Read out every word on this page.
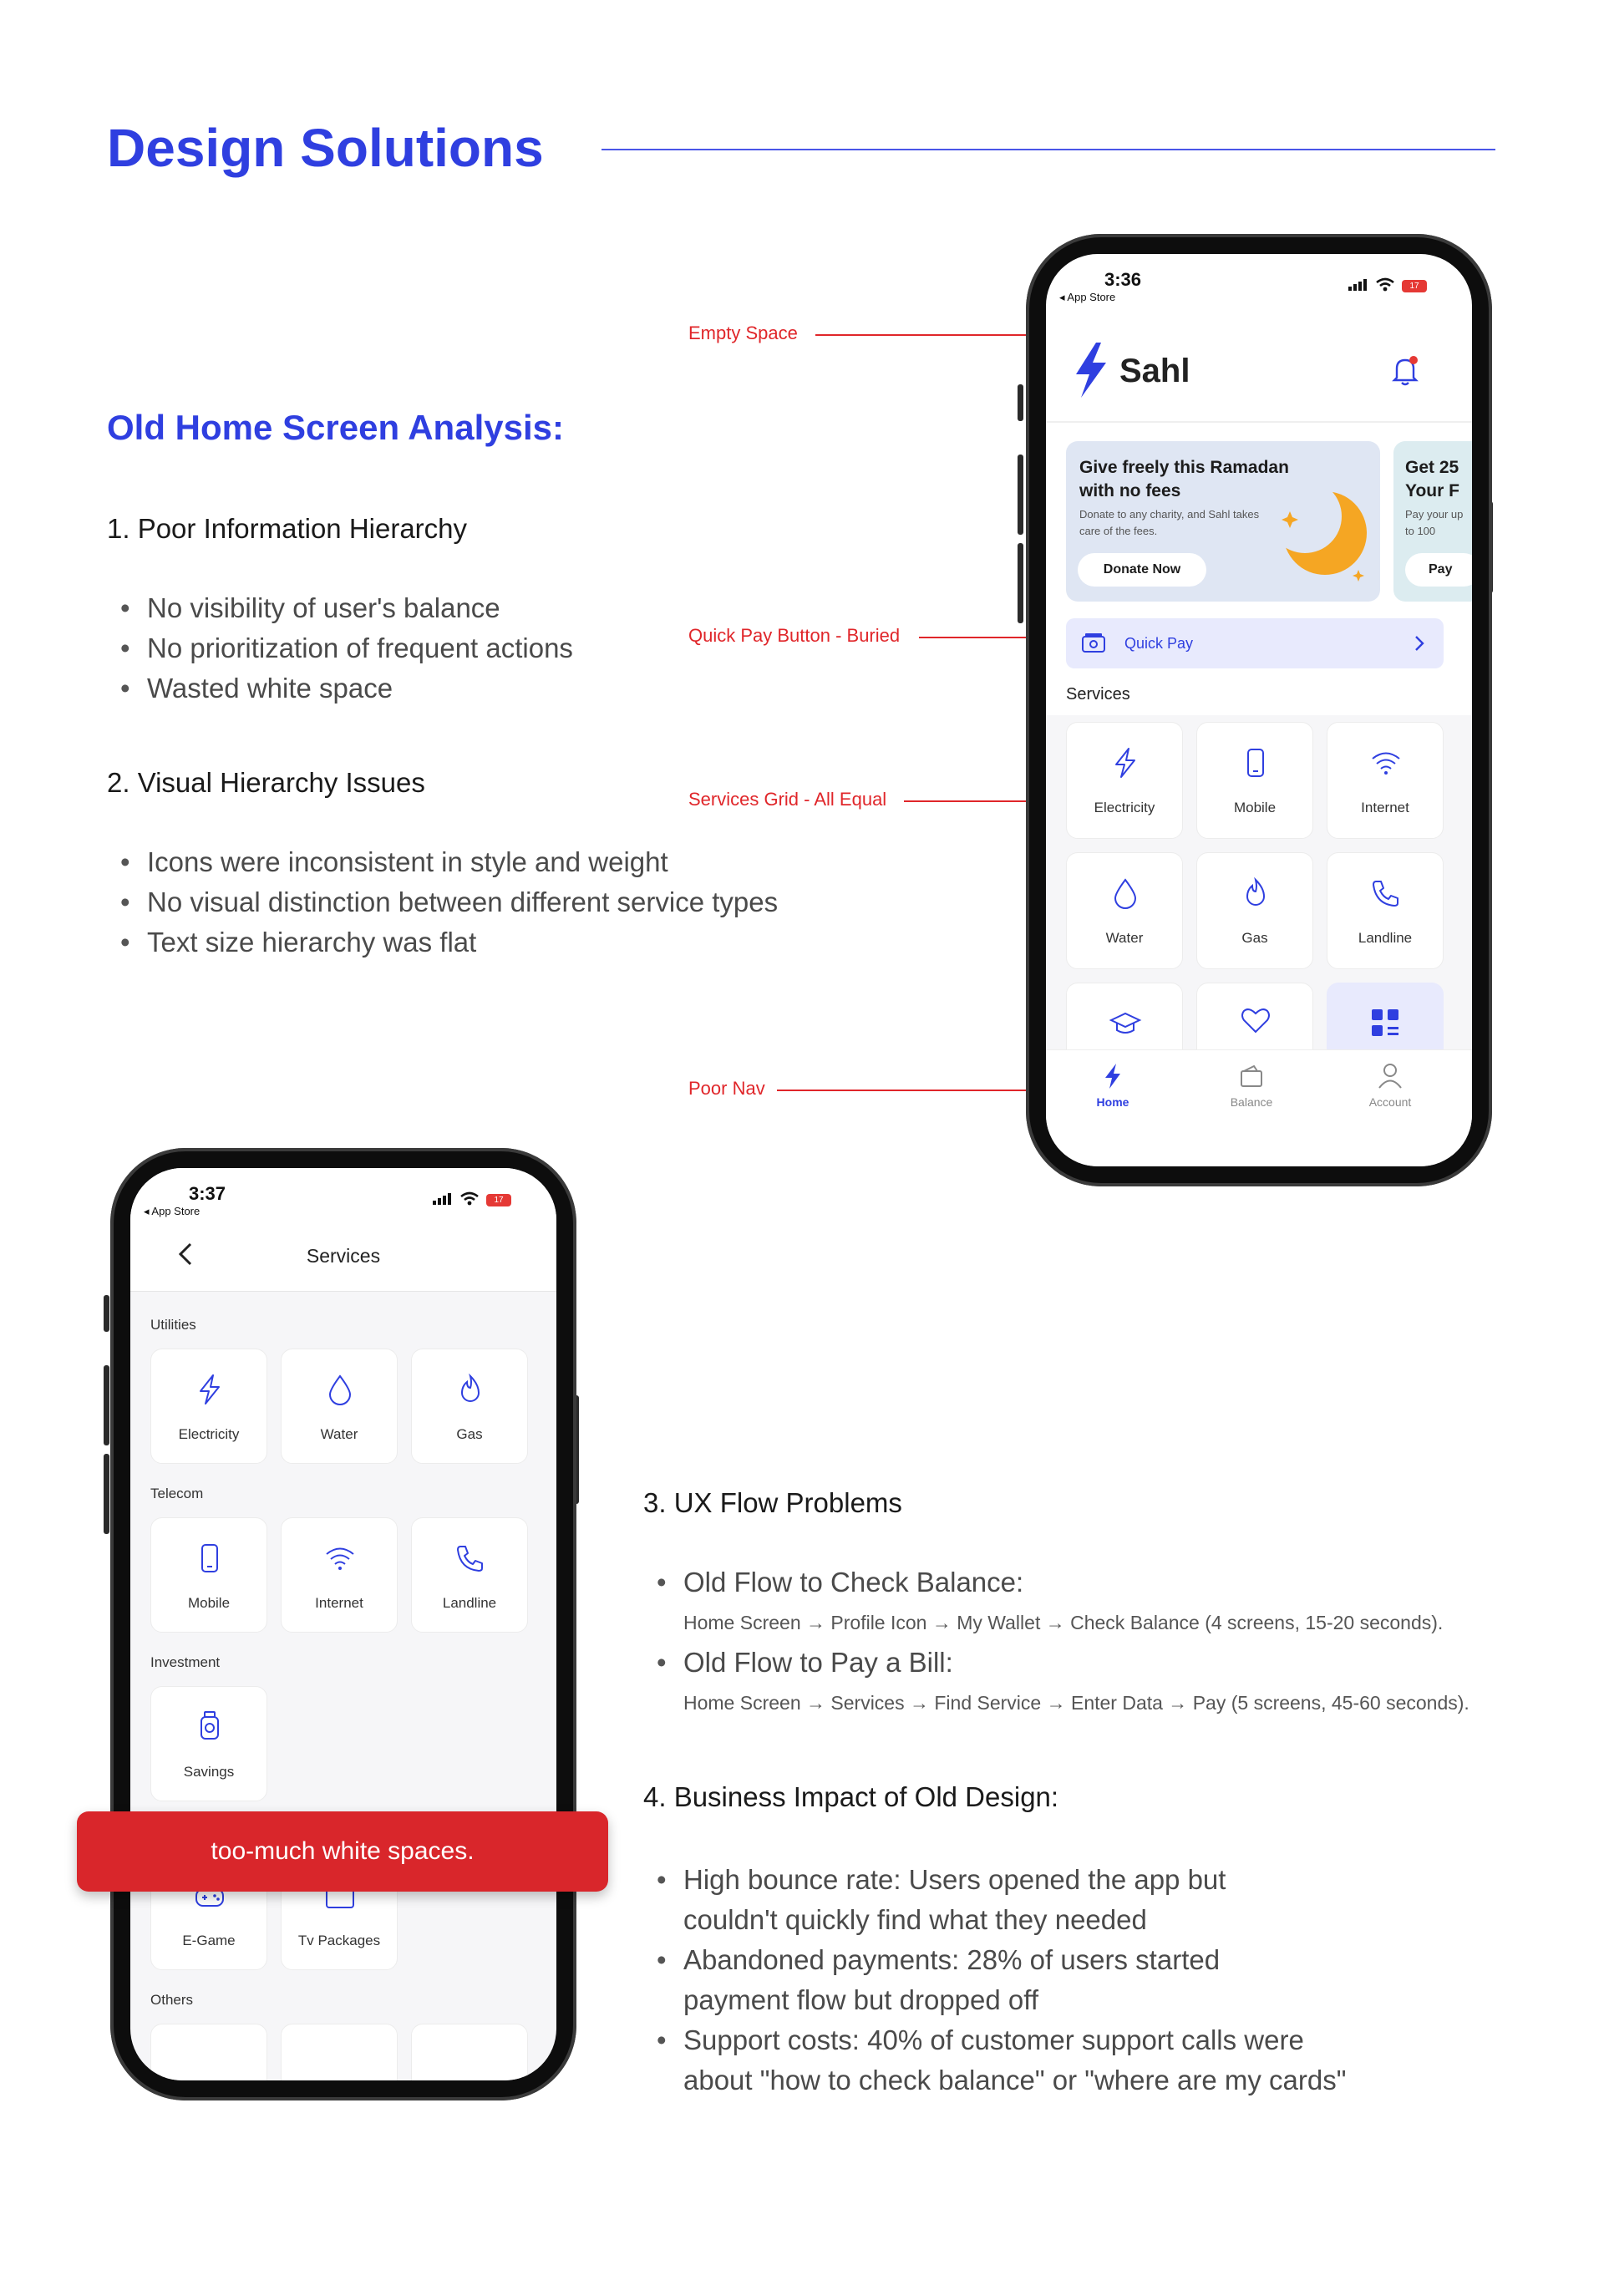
Design Solutions
Old Home Screen Analysis:
1. Poor Information Hierarchy
• No visibility of user's balance
• No prioritization of frequent actions
• Wasted white space
2. Visual Hierarchy Issues
• Icons were inconsistent in style and weight
• No visual distinction between different service types
• Text size hierarchy was flat
Empty Space
Quick Pay Button - Buried
Services Grid - All Equal
Poor Nav
3:36
◂ App Store
17
Sahl
Give freely this Ramadan with no fees
Donate to any charity, and Sahl takes care of the fees.
Donate Now
Get 25 Your F
Pay your up to 100
Pay
Quick Pay
Services
Electricity	Mobile	Internet
Water	Gas	Landline
Home	Balance	Account
3:37
◂ App Store
17
Services
Utilities
Electricity	Water	Gas
Telecom
Mobile	Internet	Landline
Investment
Savings
E-Game	Tv Packages
Others
too-much white spaces.
3. UX Flow Problems
• Old Flow to Check Balance:
Home Screen → Profile Icon → My Wallet → Check Balance (4 screens, 15-20 seconds).
• Old Flow to Pay a Bill:
Home Screen → Services → Find Service → Enter Data → Pay (5 screens, 45-60 seconds).
4. Business Impact of Old Design:
• High bounce rate: Users opened the app but
couldn't quickly find what they needed
• Abandoned payments: 28% of users started
payment flow but dropped off
• Support costs: 40% of customer support calls were
about "how to check balance" or "where are my cards"
